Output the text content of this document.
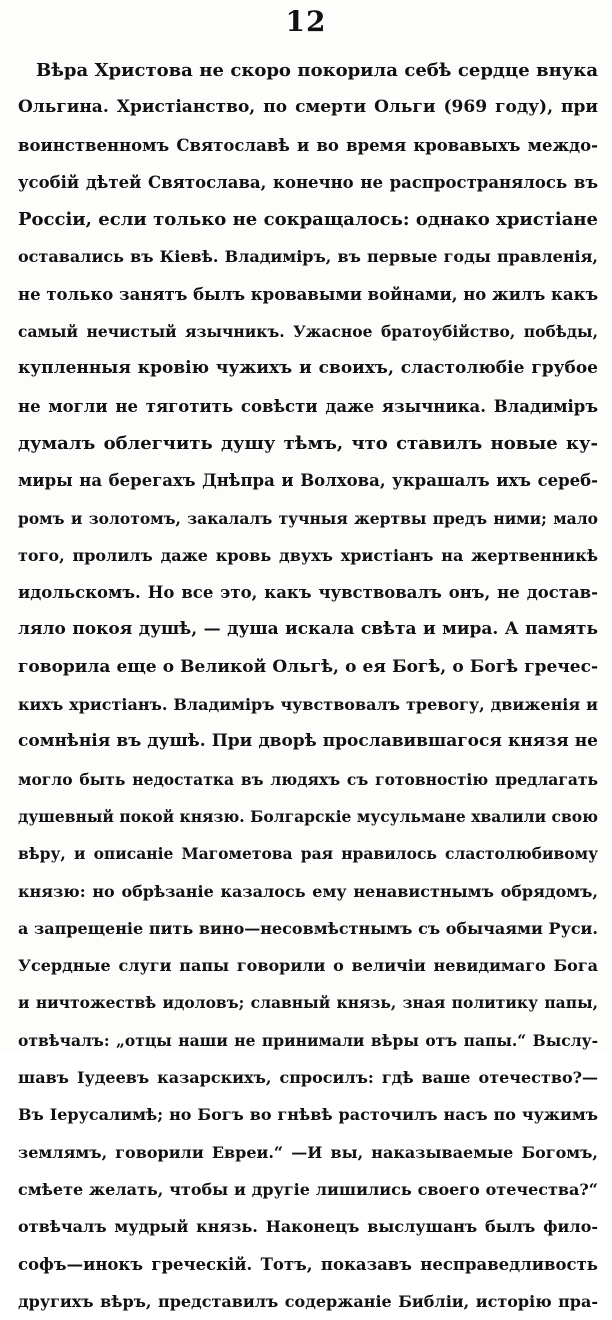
12
Вѣра Христова не скоро покорила себѣ сердце внука
Ольгина. Христіанство, по смерти Ольги (969 году), при
воинственномъ Святославѣ и во время кровавыхъ междо-
усобій дѣтей Святослава, конечно не распространялось въ
Россіи, если только не сокращалось: однако христiане
оставались въ Кіевѣ. Владиміръ, въ первые годы правленія,
не только занятъ былъ кровавыми войнами, но жилъ какъ
самый нечистый язычникъ. Ужасное братоубійство, побѣды,
купленныя кровію чужихъ и своихъ, сластолюбіе грубое
не могли не тяготить совѣсти даже язычника. Владиміръ
думалъ облегчить душу тѣмъ, что ставилъ новые ку-
миры на берегахъ Днѣпра и Волхова, украшалъ ихъ сереб-
ромъ и золотомъ, закалалъ тучныя жертвы предъ ними; мало
того, пролилъ даже кровь двухъ христіанъ на жертвенникѣ
идольскомъ. Но все это, какъ чувствовалъ онъ, не достав-
ляло покоя душѣ, — душа искала свѣта и мира. А память
говорила еще о Великой Ольгѣ, о ея Богѣ, о Богѣ грeчес-
кихъ христіанъ. Владиміръ чувствовалъ тревогу, движенія и
сомнѣнія въ душѣ. При дворѣ прославившагося князя не
могло быть недостатка въ людяхъ съ готовностію предлагать
душевный покой князю. Болгарскіе мусульмане хвалили свою
вѣру, и описаніе Магометова рая нравилось сластолюбивому
князю: но обрѣзаніе казалось ему ненавистнымъ обрядомъ,
а запрещеніе пить вино—несовмѣстнымъ съ обычаями Руси.
Усердные слуги папы говорили о величіи невидимаго Бога
и ничтожествѣ идоловъ; славный князь, зная политику папы,
отвѣчалъ: „отцы наши не принимали вѣры отъ папы.“ Выслу-
шавъ Іудеевъ казарскихъ, спросилъ: гдѣ ваше отечество?—
Въ Іерусалимѣ; но Богъ во гнѣвѣ расточилъ насъ по чужимъ
землямъ, говорили Евреи.“ —И вы, наказываемые Богомъ,
смѣете желать, чтобы и другіе лишились своего отечества?“
отвѣчалъ мудрый князь. Наконецъ выслушанъ былъ фило-
софъ—инокъ греческій. Тотъ, показавъ несправедливость
другихъ вѣръ, представилъ содержаніе Библіи, исторію пра-
